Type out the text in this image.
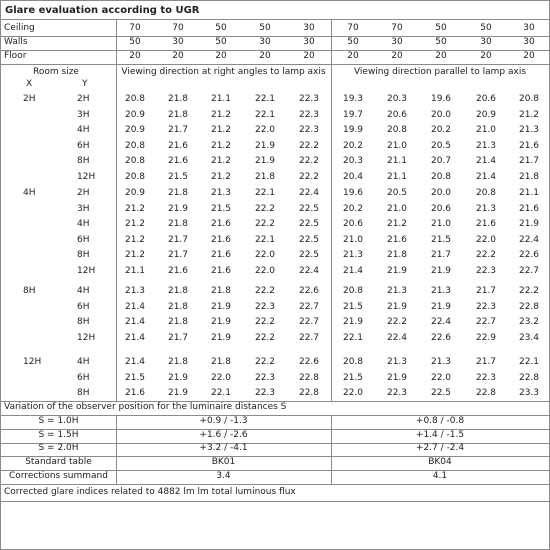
Glare evaluation according to UGR
Ceiling	70	70	50	50	30	70	70	50	50	30
Walls	50	30	50	30	30	50	30	50	30	30
Floor	20	20	20	20	20	20	20	20	20	20
Room size
X	Y
Viewing direction at right angles to lamp axis	Viewing direction parallel to lamp axis
2H	2H	20.8	21.8	21.1	22.1	22.3	19.3	20.3	19.6	20.6	20.8
3H	20.9	21.8	21.2	22.1	22.3	19.7	20.6	20.0	20.9	21.2
4H	20.9	21.7	21.2	22.0	22.3	19.9	20.8	20.2	21.0	21.3
6H	20.8	21.6	21.2	21.9	22.2	20.2	21.0	20.5	21.3	21.6
8H	20.8	21.6	21.2	21.9	22.2	20.3	21.1	20.7	21.4	21.7
12H	20.8	21.5	21.2	21.8	22.2	20.4	21.1	20.8	21.4	21.8
4H	2H	20.9	21.8	21.3	22.1	22.4	19.6	20.5	20.0	20.8	21.1
3H	21.2	21.9	21.5	22.2	22.5	20.2	21.0	20.6	21.3	21.6
4H	21.2	21.8	21.6	22.2	22.5	20.6	21.2	21.0	21.6	21.9
6H	21.2	21.7	21.6	22.1	22.5	21.0	21.6	21.5	22.0	22.4
8H	21.2	21.7	21.6	22.0	22.5	21.3	21.8	21.7	22.2	22.6
12H	21.1	21.6	21.6	22.0	22.4	21.4	21.9	21.9	22.3	22.7
8H	4H	21.3	21.8	21.8	22.2	22.6	20.8	21.3	21.3	21.7	22.2
6H	21.4	21.8	21.9	22.3	22.7	21.5	21.9	21.9	22.3	22.8
8H	21.4	21.8	21.9	22.2	22.7	21.9	22.2	22.4	22.7	23.2
12H	21.4	21.7	21.9	22.2	22.7	22.1	22.4	22.6	22.9	23.4
12H	4H	21.4	21.8	21.8	22.2	22.6	20.8	21.3	21.3	21.7	22.1
6H	21.5	21.9	22.0	22.3	22.8	21.5	21.9	22.0	22.3	22.8
8H	21.6	21.9	22.1	22.3	22.8	22.0	22.3	22.5	22.8	23.3
Variation of the observer position for the luminaire distances S
S = 1.0H	+0.9 / -1.3	+0.8 / -0.8
S = 1.5H	+1.6 / -2.6	+1.4 / -1.5
S = 2.0H	+3.2 / -4.1	+2.7 / -2.4
Standard table	BK01	BK04
Corrections summand	3.4	4.1
Corrected glare indices related to 4882 lm lm total luminous flux
